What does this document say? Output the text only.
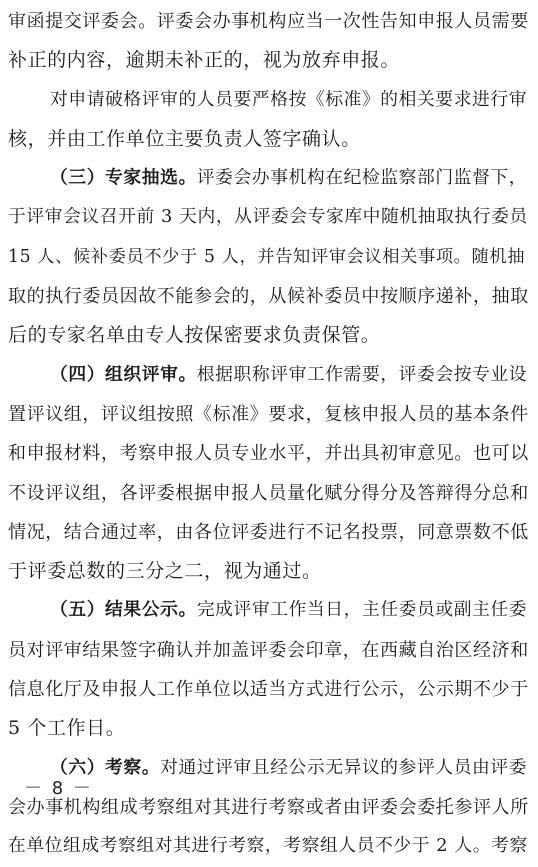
审函提交评委会。评委会办事机构应当一次性告知申报人员需要
补正的内容，逾期未补正的，视为放弃申报。
对申请破格评审的人员要严格按《标准》的相关要求进行审
核，并由工作单位主要负责人签字确认。
（三）专家抽选。评委会办事机构在纪检监察部门监督下，
于评审会议召开前 3 天内，从评委会专家库中随机抽取执行委员
15 人、候补委员不少于 5 人，并告知评审会议相关事项。随机抽
取的执行委员因故不能参会的，从候补委员中按顺序递补，抽取
后的专家名单由专人按保密要求负责保管。
（四）组织评审。根据职称评审工作需要，评委会按专业设
置评议组，评议组按照《标准》要求，复核申报人员的基本条件
和申报材料，考察申报人员专业水平，并出具初审意见。也可以
不设评议组，各评委根据申报人员量化赋分得分及答辩得分总和
情况，结合通过率，由各位评委进行不记名投票，同意票数不低
于评委总数的三分之二，视为通过。
（五）结果公示。完成评审工作当日，主任委员或副主任委
员对评审结果签字确认并加盖评委会印章，在西藏自治区经济和
信息化厅及申报人工作单位以适当方式进行公示，公示期不少于
5 个工作日。
（六）考察。对通过评审且经公示无异议的参评人员由评委
会办事机构组成考察组对其进行考察或者由评委会委托参评人所
在单位组成考察组对其进行考察，考察组人员不少于 2 人。考察
－ 8 －
